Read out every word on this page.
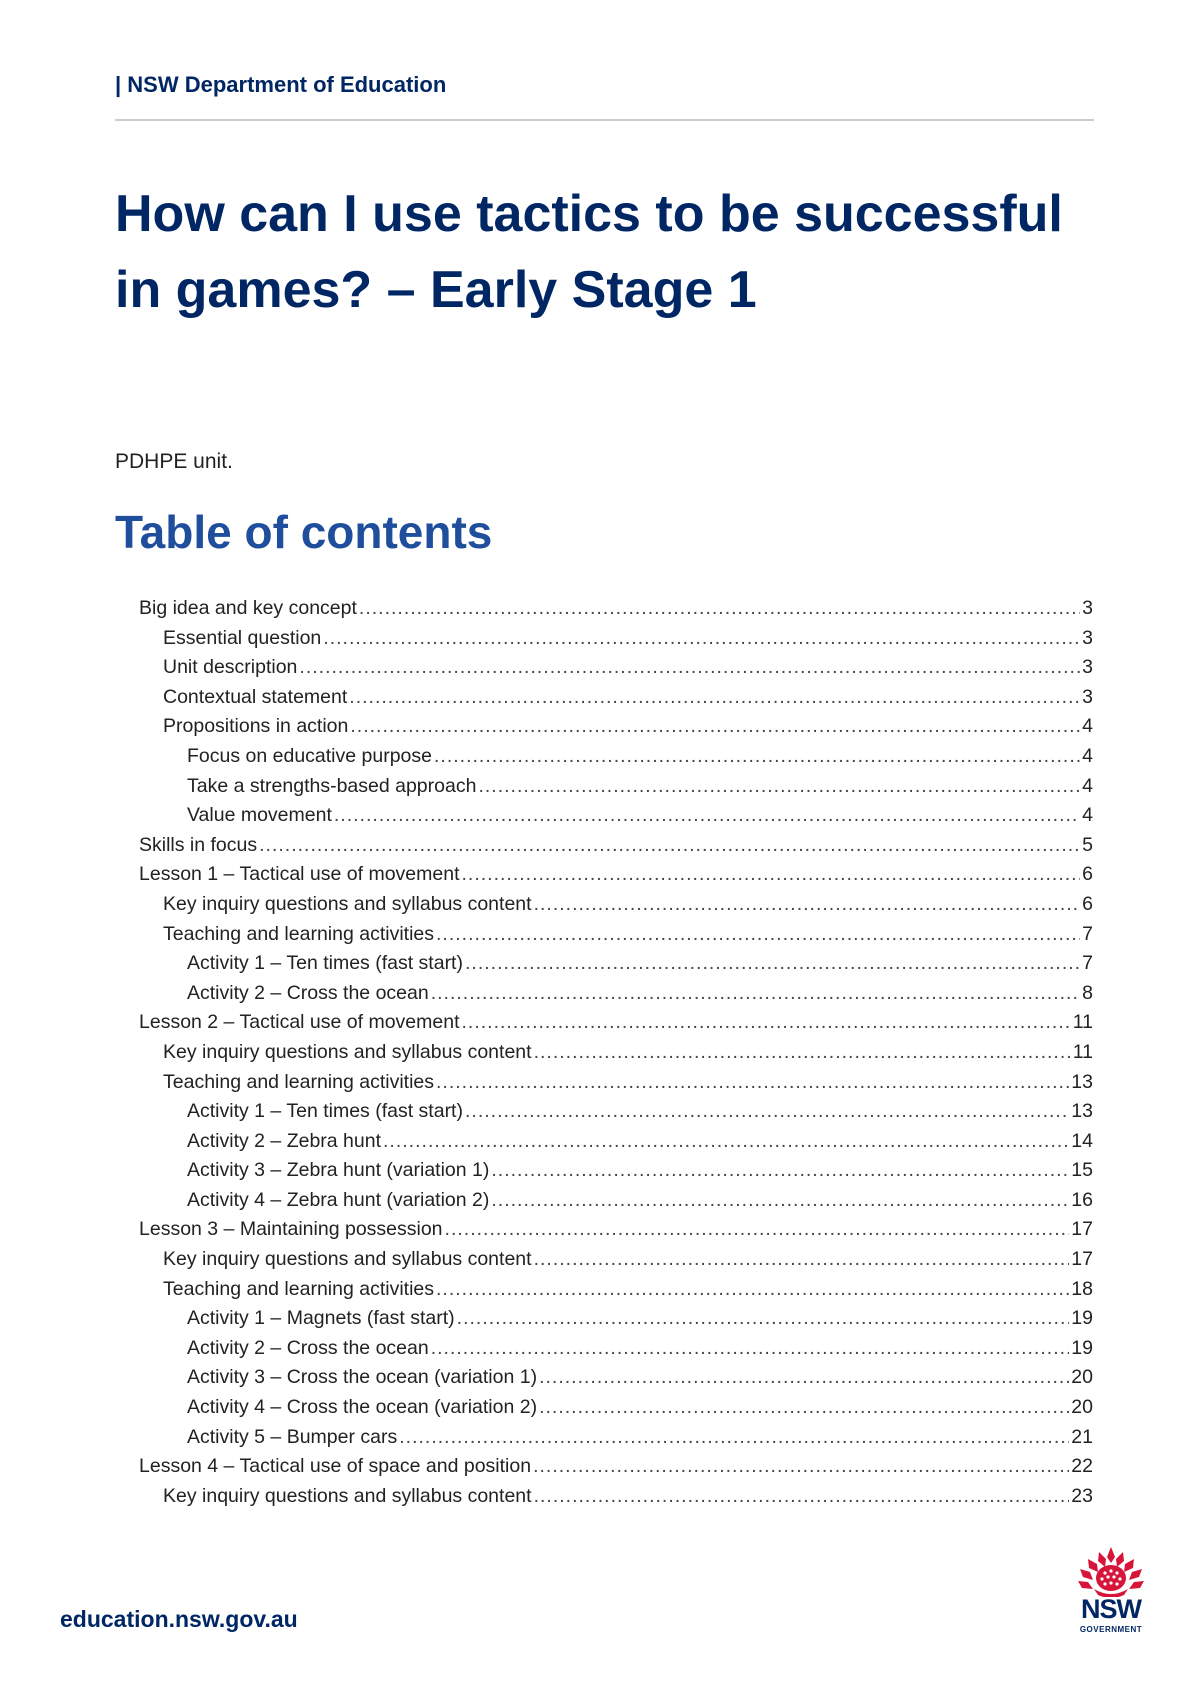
| NSW Department of Education
How can I use tactics to be successful in games? – Early Stage 1
PDHPE unit.
Table of contents
Big idea and key concept .....	3
Essential question .....	3
Unit description .....	3
Contextual statement .....	3
Propositions in action .....	4
Focus on educative purpose .....	4
Take a strengths-based approach .....	4
Value movement .....	4
Skills in focus .....	5
Lesson 1 – Tactical use of movement .....	6
Key inquiry questions and syllabus content .....	6
Teaching and learning activities .....	7
Activity 1 – Ten times (fast start) .....	7
Activity 2 – Cross the ocean .....	8
Lesson 2 – Tactical use of movement .....	11
Key inquiry questions and syllabus content .....	11
Teaching and learning activities .....	13
Activity 1 – Ten times (fast start) .....	13
Activity 2 – Zebra hunt .....	14
Activity 3 – Zebra hunt (variation 1) .....	15
Activity 4 – Zebra hunt (variation 2) .....	16
Lesson 3 – Maintaining possession .....	17
Key inquiry questions and syllabus content .....	17
Teaching and learning activities .....	18
Activity 1 – Magnets (fast start) .....	19
Activity 2 – Cross the ocean .....	19
Activity 3 – Cross the ocean (variation 1) .....	20
Activity 4 – Cross the ocean (variation 2) .....	20
Activity 5 – Bumper cars .....	21
Lesson 4 – Tactical use of space and position .....	22
Key inquiry questions and syllabus content .....	23
education.nsw.gov.au	NSW
GOVERNMENT
